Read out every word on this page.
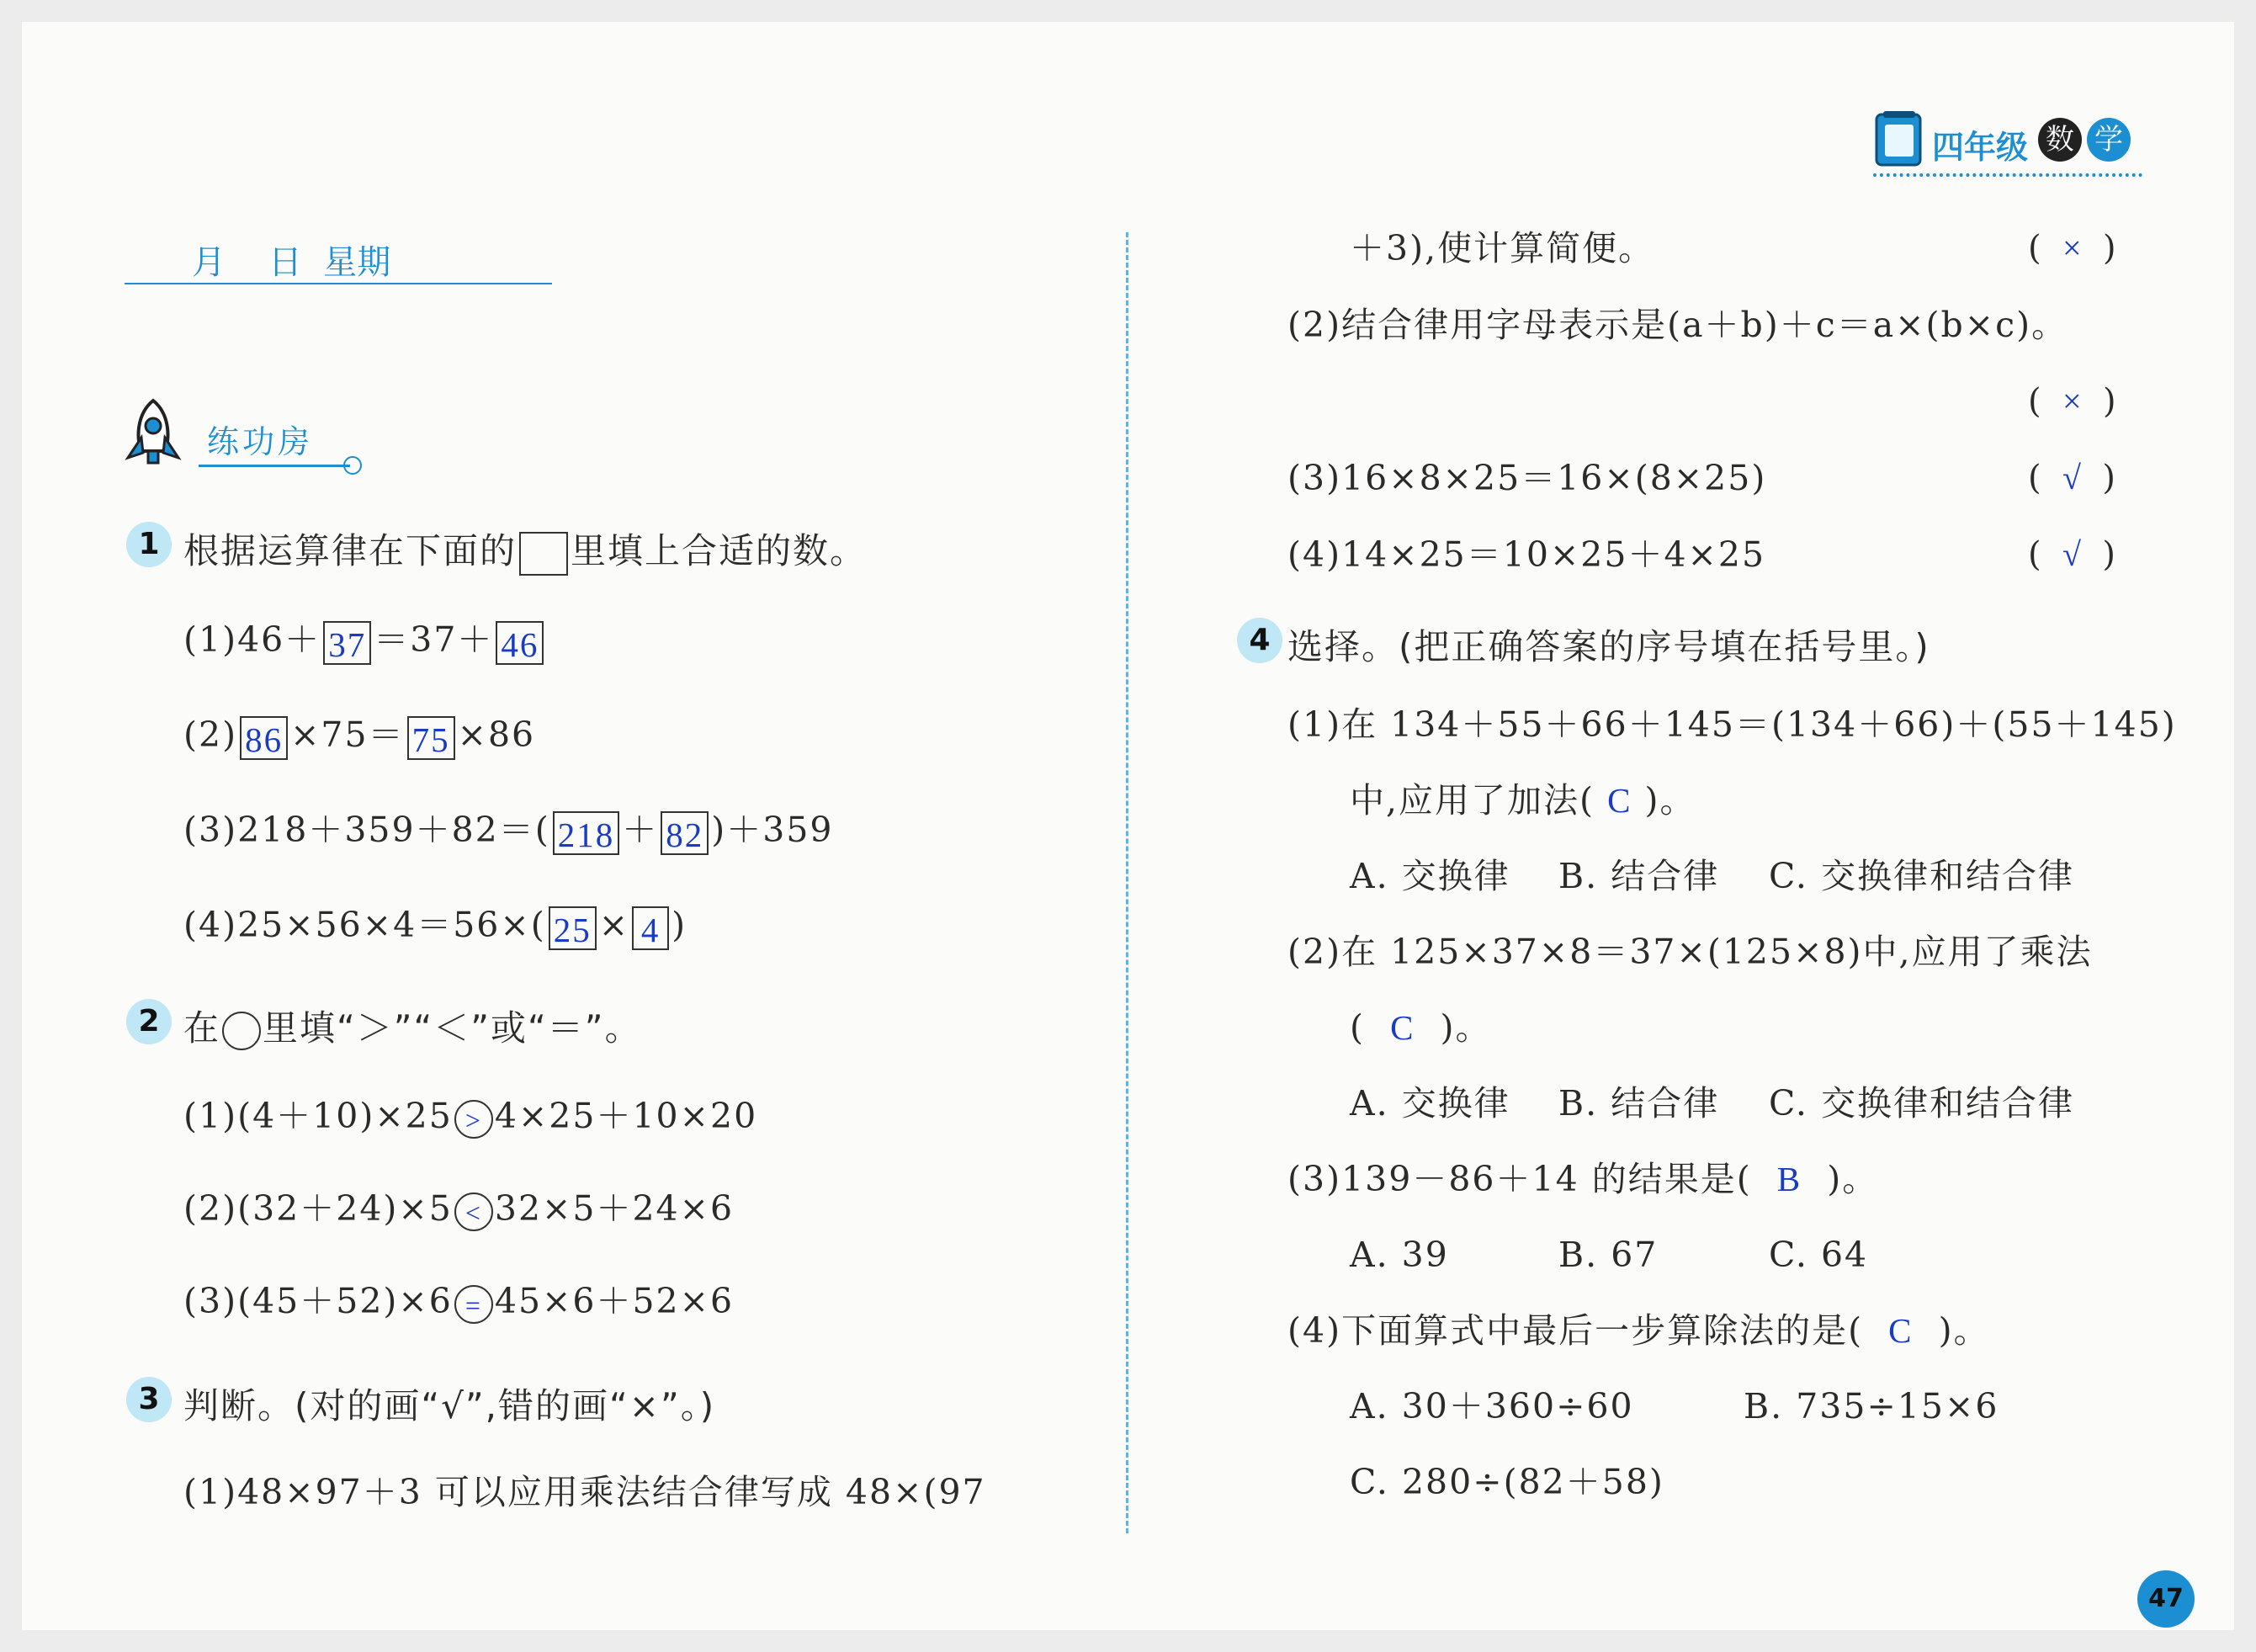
四年级 数 学
月    日  星期
练功房
1 根据运算律在下面的 里填上合适的数。
(1)46＋ 37 ＝37＋ 46
(2) 86 ×75＝ 75 ×86
(3)218＋359＋82＝( 218 ＋ 82 )＋359
(4)25×56×4＝56×( 25 × 4 )
2 在 里填“＞”“＜”或“＝”。
(1)(4＋10)×25 > 4×25＋10×20
(2)(32＋24)×5 < 32×5＋24×6
(3)(45＋52)×6 = 45×6＋52×6
3 判断。(对的画“√”,错的画“×”。)
(1)48×97＋3 可以应用乘法结合律写成 48×(97
＋3),使计算简便。	(  ×  )
(2)结合律用字母表示是(a＋b)＋c＝a×(b×c)。
(  ×  )
(3)16×8×25＝16×(8×25)	(  √  )
(4)14×25＝10×25＋4×25	(  √  )
4 选择。(把正确答案的序号填在括号里。)
(1)在 134＋55＋66＋145＝(134＋66)＋(55＋145)
中,应用了加法( C )。
A. 交换律 B. 结合律 C. 交换律和结合律
(2)在 125×37×8＝37×(125×8)中,应用了乘法
( C )。
A. 交换律 B. 结合律 C. 交换律和结合律
(3)139－86＋14 的结果是( B )。
A. 39	B. 67	C. 64
(4)下面算式中最后一步算除法的是( C )。
A. 30＋360÷60	B. 735÷15×6
C. 280÷(82＋58)
47
